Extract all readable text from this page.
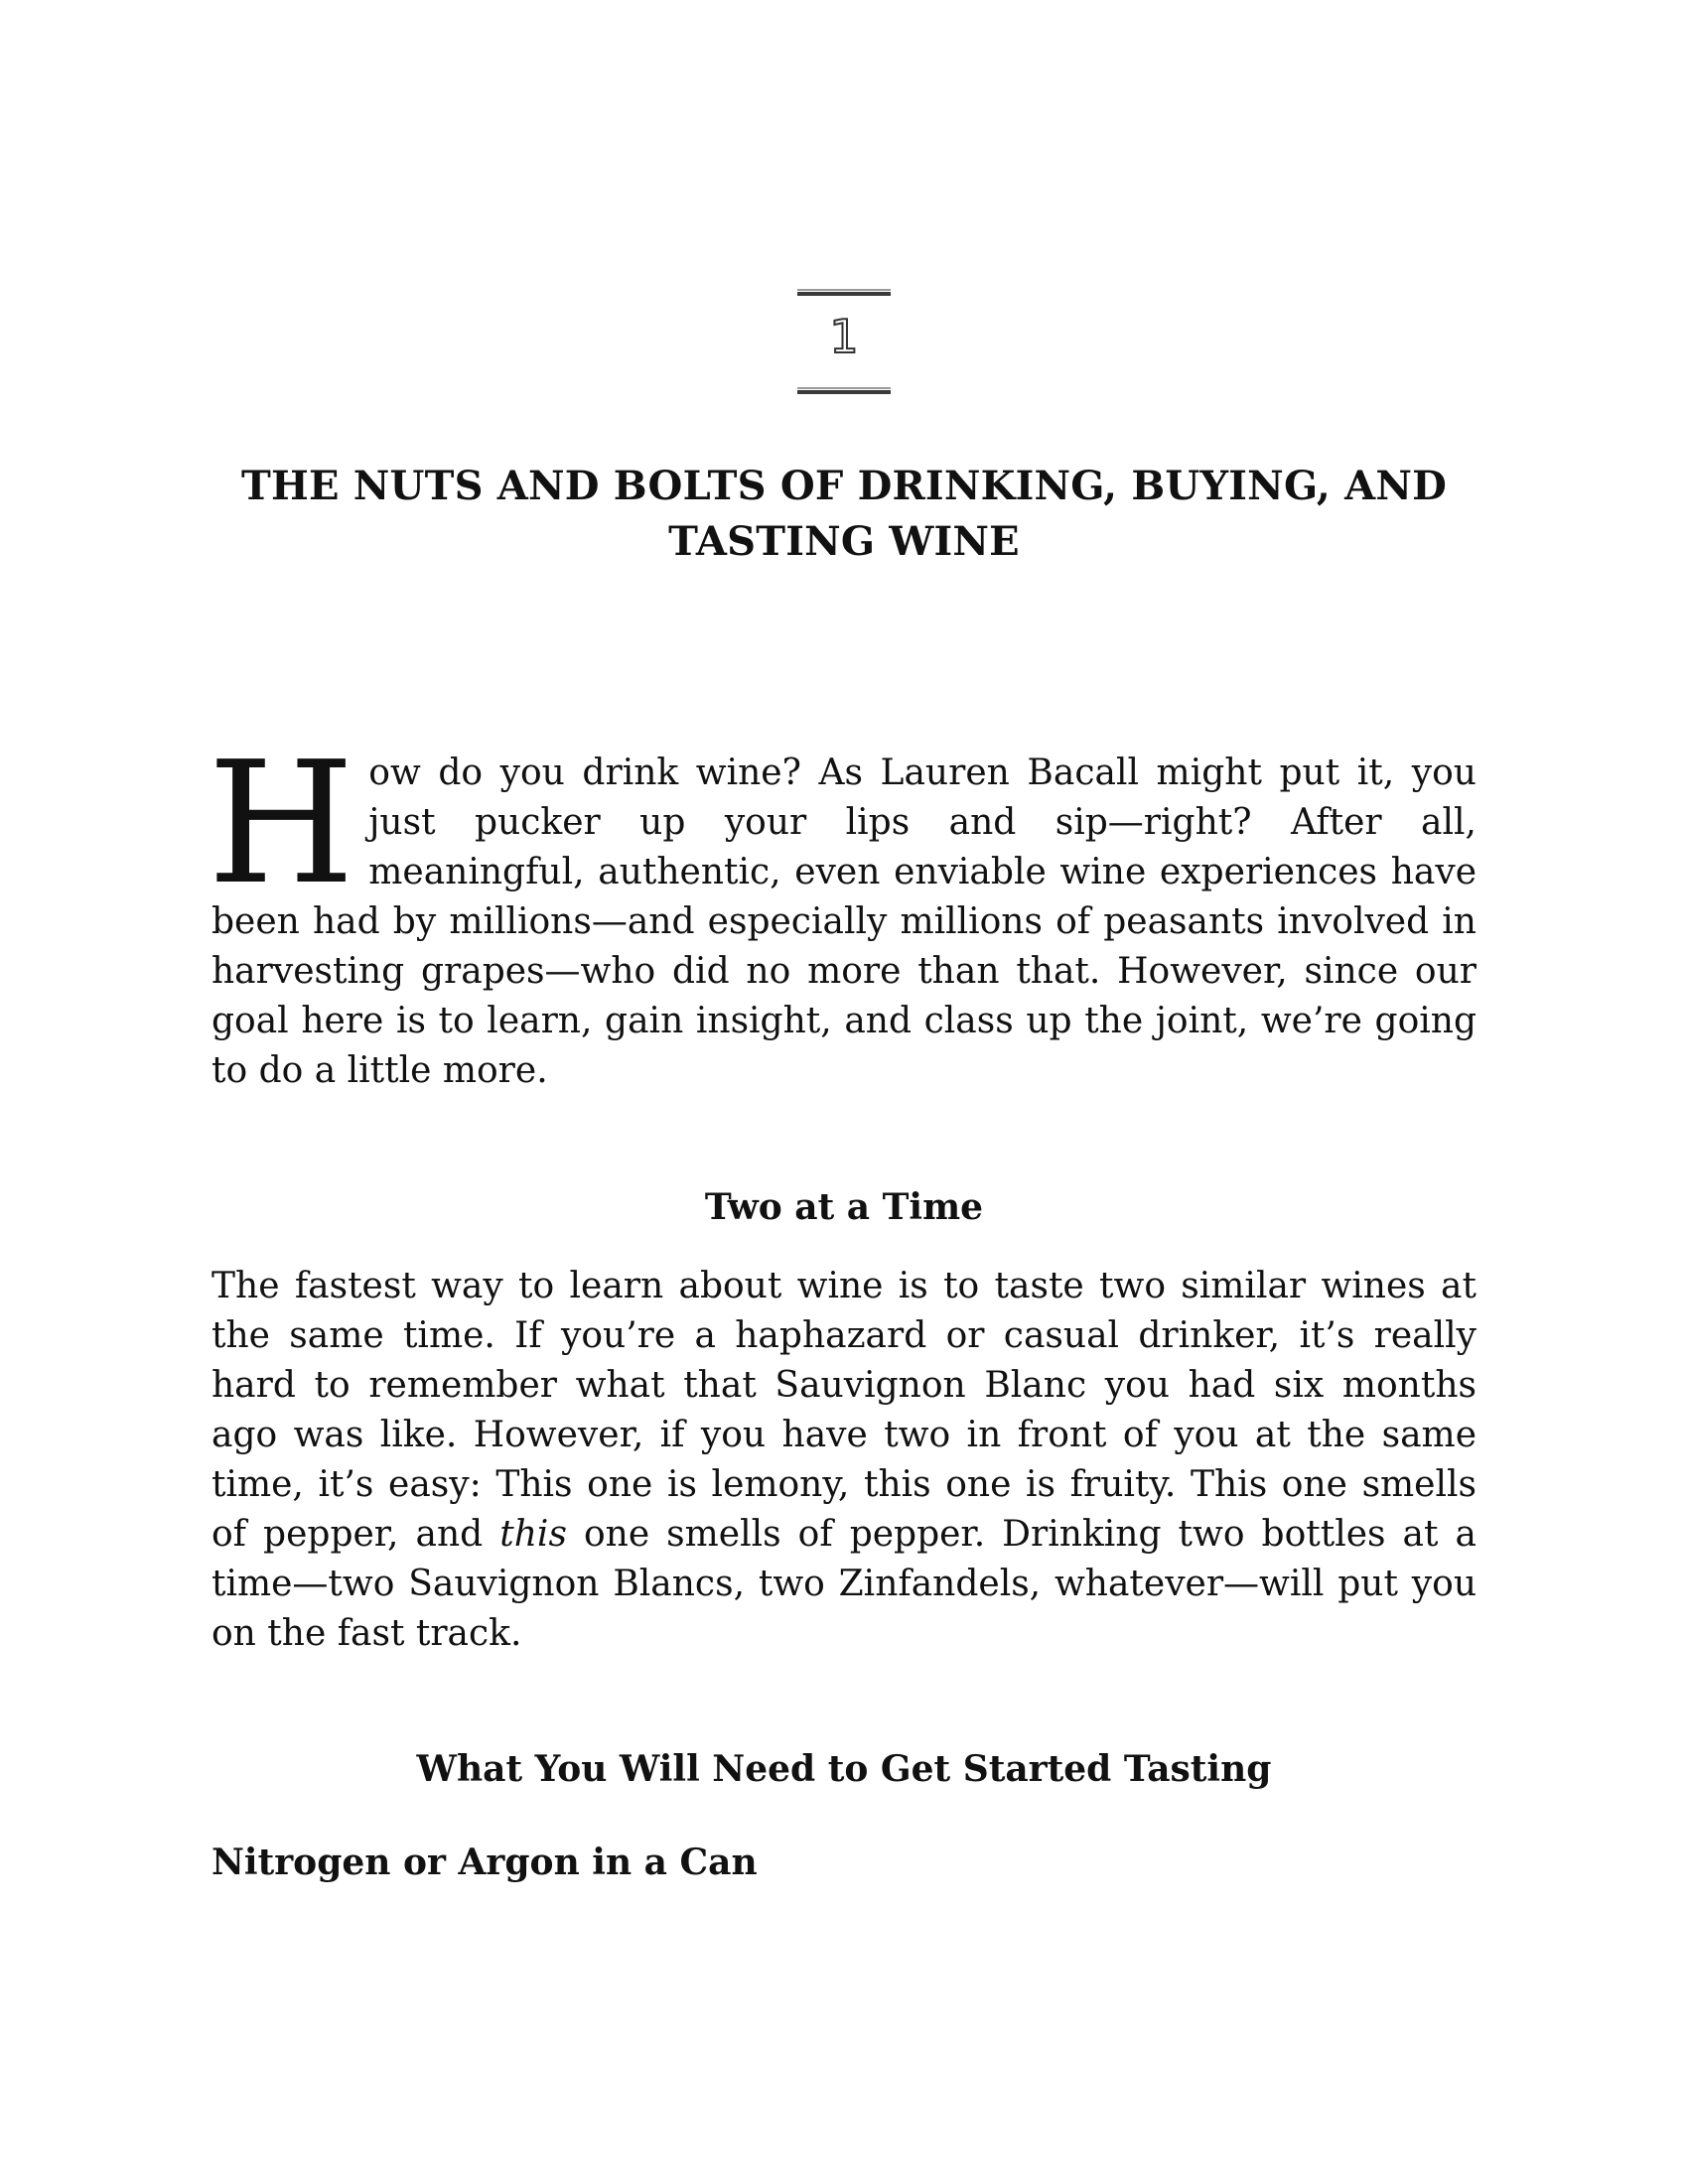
1
THE NUTS AND BOLTS OF DRINKING, BUYING, AND TASTING WINE

How do you drink wine? As Lauren Bacall might put it, you just pucker up your lips and sip—right? After all, meaningful, authentic, even enviable wine experiences have been had by millions—and especially millions of peasants involved in harvesting grapes—who did no more than that. However, since our goal here is to learn, gain insight, and class up the joint, we’re going to do a little more.

Two at a Time

The fastest way to learn about wine is to taste two similar wines at the same time. If you’re a haphazard or casual drinker, it’s really hard to remember what that Sauvignon Blanc you had six months ago was like. However, if you have two in front of you at the same time, it’s easy: This one is lemony, this one is fruity. This one smells of pepper, and this one smells of pepper. Drinking two bottles at a time—two Sauvignon Blancs, two Zinfandels, whatever—will put you on the fast track.

What You Will Need to Get Started Tasting
Nitrogen or Argon in a Can
